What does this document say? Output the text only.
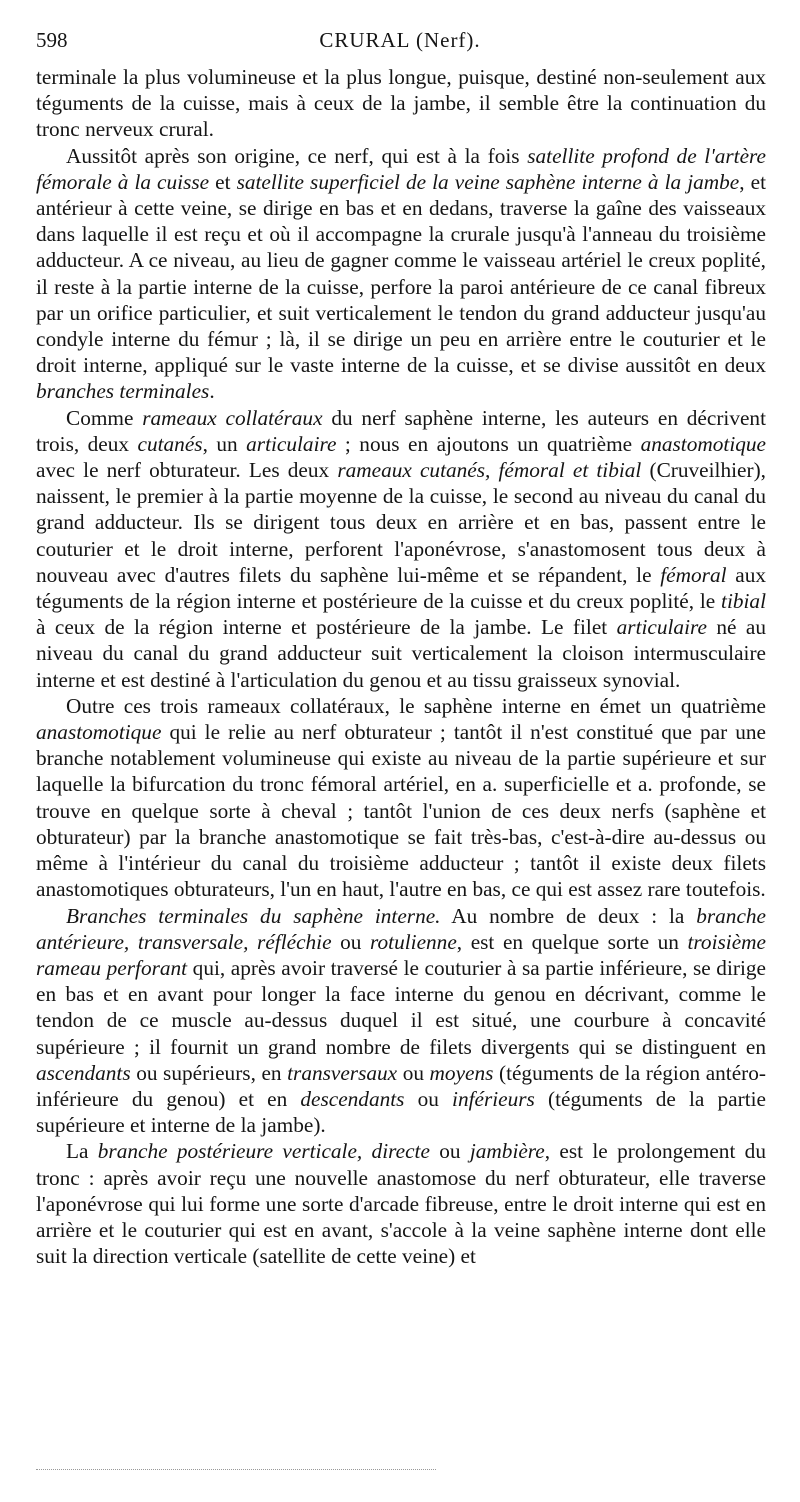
598	CRURAL (Nerf).

terminale la plus volumineuse et la plus longue, puisque, destiné non-seulement aux téguments de la cuisse, mais à ceux de la jambe, il semble être la continuation du tronc nerveux crural.

Aussitôt après son origine, ce nerf, qui est à la fois satellite profond de l'artère fémorale à la cuisse et satellite superficiel de la veine saphène interne à la jambe, et antérieur à cette veine, se dirige en bas et en dedans, traverse la gaîne des vaisseaux dans laquelle il est reçu et où il accompagne la crurale jusqu'à l'anneau du troisième adducteur. A ce niveau, au lieu de gagner comme le vaisseau artériel le creux poplité, il reste à la partie interne de la cuisse, perfore la paroi antérieure de ce canal fibreux par un orifice particulier, et suit verticalement le tendon du grand adducteur jusqu'au condyle interne du fémur ; là, il se dirige un peu en arrière entre le couturier et le droit interne, appliqué sur le vaste interne de la cuisse, et se divise aussitôt en deux branches terminales.

Comme rameaux collatéraux du nerf saphène interne, les auteurs en décrivent trois, deux cutanés, un articulaire ; nous en ajoutons un quatrième anastomotique avec le nerf obturateur. Les deux rameaux cutanés, fémoral et tibial (Cruveilhier), naissent, le premier à la partie moyenne de la cuisse, le second au niveau du canal du grand adducteur. Ils se dirigent tous deux en arrière et en bas, passent entre le couturier et le droit interne, perforent l'aponévrose, s'anastomosent tous deux à nouveau avec d'autres filets du saphène lui-même et se répandent, le fémoral aux téguments de la région interne et postérieure de la cuisse et du creux poplité, le tibial à ceux de la région interne et postérieure de la jambe. Le filet articulaire né au niveau du canal du grand adducteur suit verticalement la cloison intermusculaire interne et est destiné à l'articulation du genou et au tissu graisseux synovial.

Outre ces trois rameaux collatéraux, le saphène interne en émet un quatrième anastomotique qui le relie au nerf obturateur ; tantôt il n'est constitué que par une branche notablement volumineuse qui existe au niveau de la partie supérieure et sur laquelle la bifurcation du tronc fémoral artériel, en a. superficielle et a. profonde, se trouve en quelque sorte à cheval ; tantôt l'union de ces deux nerfs (saphène et obturateur) par la branche anastomotique se fait très-bas, c'est-à-dire au-dessus ou même à l'intérieur du canal du troisième adducteur ; tantôt il existe deux filets anastomotiques obturateurs, l'un en haut, l'autre en bas, ce qui est assez rare toutefois.

Branches terminales du saphène interne. Au nombre de deux : la branche antérieure, transversale, réfléchie ou rotulienne, est en quelque sorte un troisième rameau perforant qui, après avoir traversé le couturier à sa partie inférieure, se dirige en bas et en avant pour longer la face interne du genou en décrivant, comme le tendon de ce muscle au-dessus duquel il est situé, une courbure à concavité supérieure ; il fournit un grand nombre de filets divergents qui se distinguent en ascendants ou supérieurs, en transversaux ou moyens (téguments de la région antéro-inférieure du genou) et en descendants ou inférieurs (téguments de la partie supérieure et interne de la jambe).

La branche postérieure verticale, directe ou jambière, est le prolongement du tronc : après avoir reçu une nouvelle anastomose du nerf obturateur, elle traverse l'aponévrose qui lui forme une sorte d'arcade fibreuse, entre le droit interne qui est en arrière et le couturier qui est en avant, s'accole à la veine saphène interne dont elle suit la direction verticale (satellite de cette veine) et
